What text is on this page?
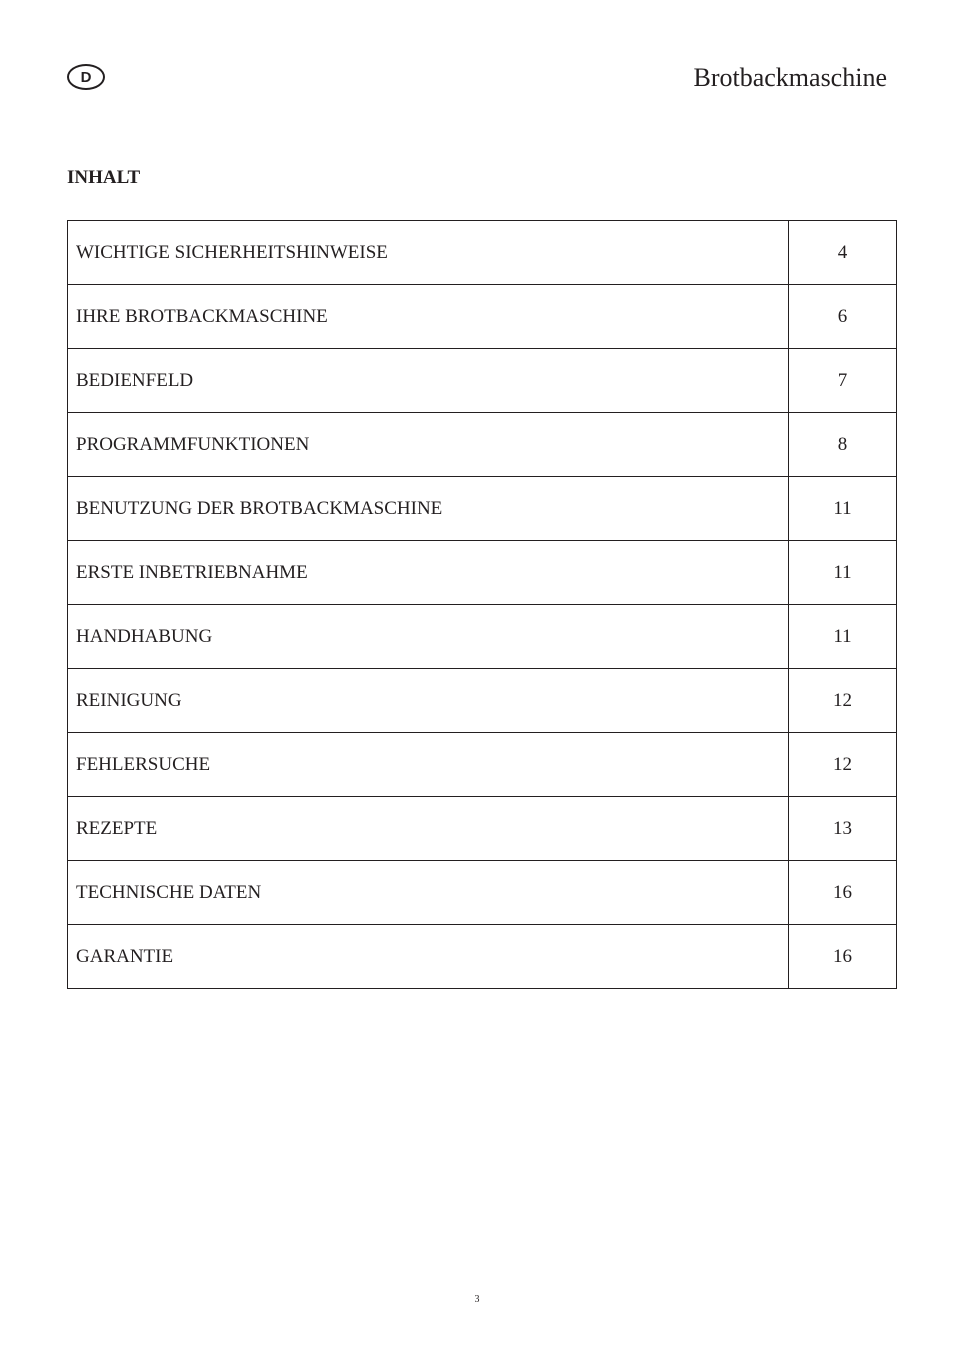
D	Brotbackmaschine
INHALT
WICHTIGE SICHERHEITSHINWEISE	4
IHRE BROTBACKMASCHINE	6
BEDIENFELD	7
PROGRAMMFUNKTIONEN	8
BENUTZUNG DER BROTBACKMASCHINE	11
ERSTE INBETRIEBNAHME	11
HANDHABUNG	11
REINIGUNG	12
FEHLERSUCHE	12
REZEPTE	13
TECHNISCHE DATEN	16
GARANTIE	16
3
